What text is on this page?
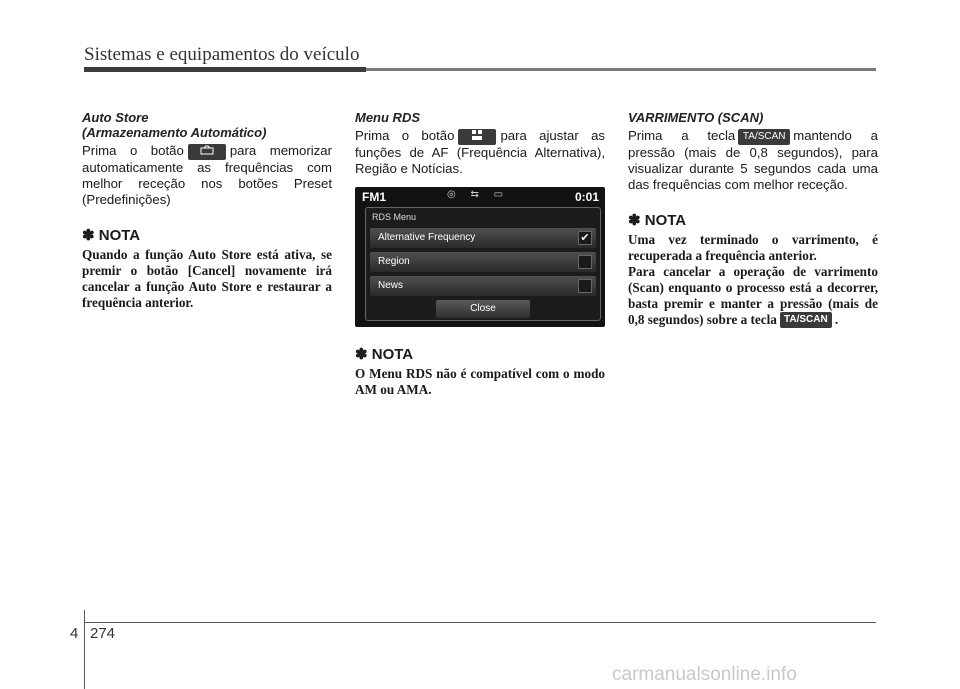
Sistemas e equipamentos do veículo
Auto Store
(Armazenamento Automático)

Prima o botão	para memorizar automaticamente as frequências com melhor receção nos botões Preset (Predefinições)

✽ NOTA

Quando a função Auto Store está ativa, se premir o botão [Cancel] novamente irá cancelar a função Auto Store e restaurar a frequência anterior.

Menu RDS

Prima o botão	para ajustar as funções de AF (Frequência Alternativa), Região e Notícias.

FM1	◎ ⇆ ▭	0:01
RDS Menu
Alternative Frequency	✔
Region
News
Close
✽ NOTA

O Menu RDS não é compatível com o modo AM ou AMA.

VARRIMENTO (SCAN)

Prima a tecla TA/SCAN mantendo a pressão (mais de 0,8 segundos), para visualizar durante 5 segundos cada uma das frequências com melhor receção.

✽ NOTA

Uma vez terminado o varrimento, é recuperada a frequência anterior.

Para cancelar a operação de varrimento (Scan) enquanto o processo está a decorrer, basta premir e manter a pressão (mais de 0,8 segundos) sobre a tecla TA/SCAN .

4 274
carmanualsonline.info
